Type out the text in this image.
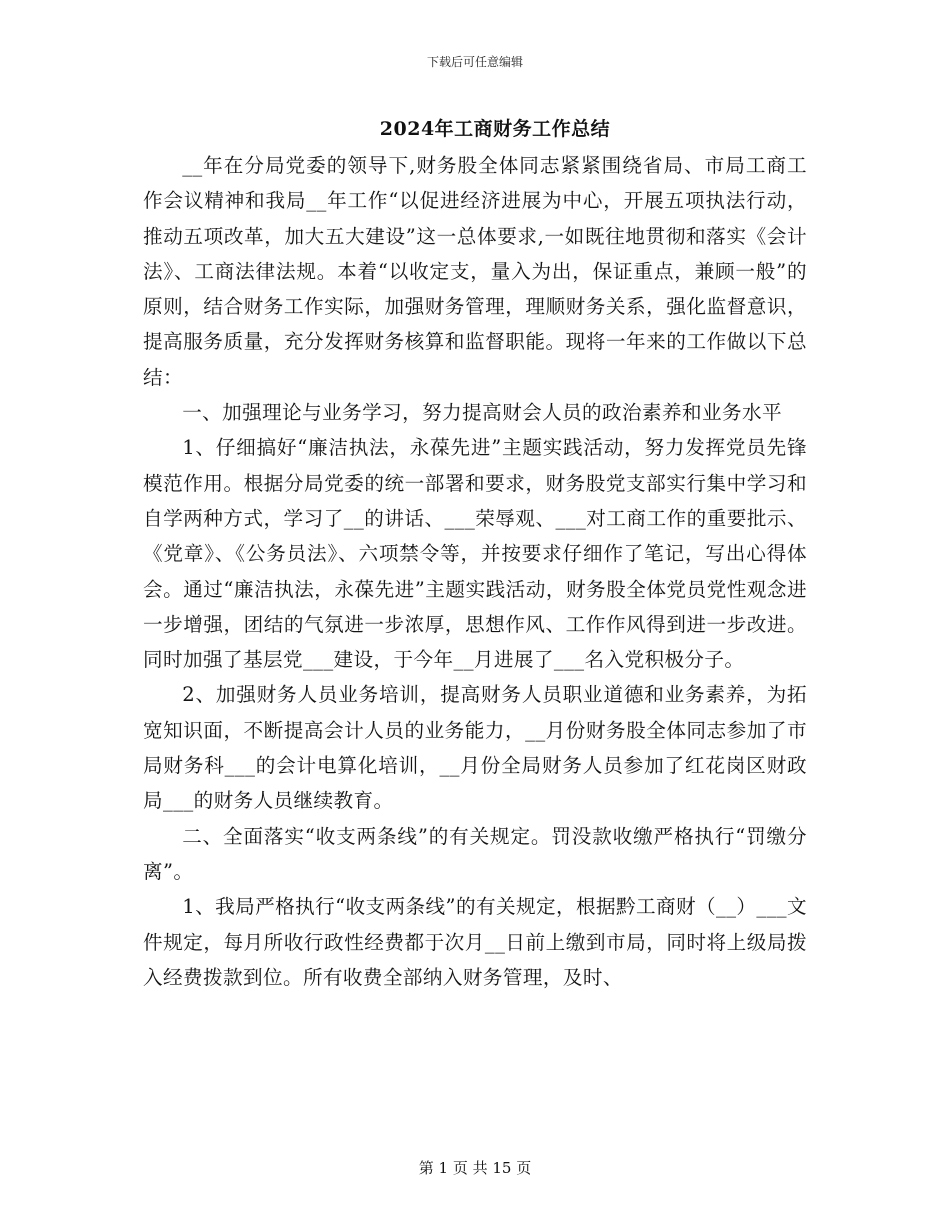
下载后可任意编辑
2024年工商财务工作总结

__年在分局党委的领导下,财务股全体同志紧紧围绕省局、市局工商工作会议精神和我局__年工作“以促进经济进展为中心，开展五项执法行动，推动五项改革，加大五大建设”这一总体要求,一如既往地贯彻和落实《会计法》、工商法律法规。本着“以收定支，量入为出，保证重点，兼顾一般”的原则，结合财务工作实际，加强财务管理，理顺财务关系，强化监督意识，提高服务质量，充分发挥财务核算和监督职能。现将一年来的工作做以下总结：

一、加强理论与业务学习，努力提高财会人员的政治素养和业务水平

1、仔细搞好“廉洁执法，永葆先进”主题实践活动，努力发挥党员先锋模范作用。根据分局党委的统一部署和要求，财务股党支部实行集中学习和自学两种方式，学习了__的讲话、___荣辱观、___对工商工作的重要批示、《党章》、《公务员法》、六项禁令等，并按要求仔细作了笔记，写出心得体会。通过“廉洁执法，永葆先进”主题实践活动，财务股全体党员党性观念进一步增强，团结的气氛进一步浓厚，思想作风、工作作风得到进一步改进。同时加强了基层党___建设，于今年__月进展了___名入党积极分子。

2、加强财务人员业务培训，提高财务人员职业道德和业务素养，为拓宽知识面，不断提高会计人员的业务能力，__月份财务股全体同志参加了市局财务科___的会计电算化培训，__月份全局财务人员参加了红花岗区财政局___的财务人员继续教育。

二、全面落实“收支两条线”的有关规定。罚没款收缴严格执行“罚缴分离”。

1、我局严格执行“收支两条线”的有关规定，根据黔工商财（__）___文件规定，每月所收行政性经费都于次月__日前上缴到市局，同时将上级局拨入经费拨款到位。所有收费全部纳入财务管理，及时、

第 1 页 共 15 页
